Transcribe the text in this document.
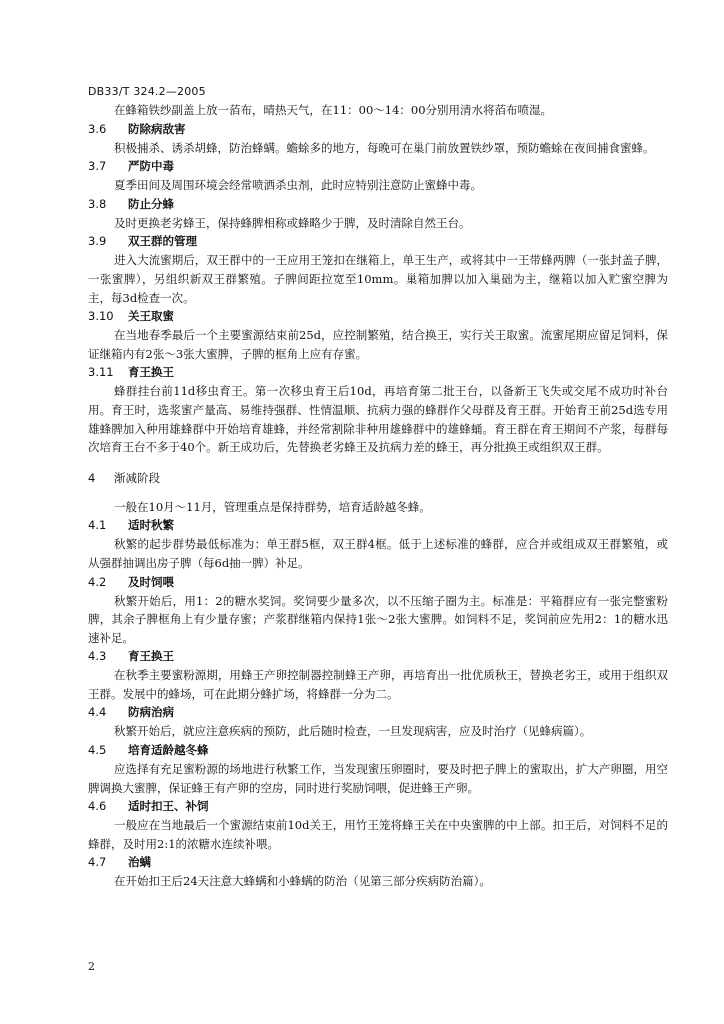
DB33/T 324.2—2005

在蜂箱铁纱副盖上放一萡布，晴热天气，在11：00～14：00分别用清水将萡布喷湿。

3.6 防除病敌害

积极捕杀、诱杀胡蜂，防治蜂螨。蟾蜍多的地方，每晚可在巢门前放置铁纱罩，预防蟾蜍在夜间捕食蜜蜂。

3.7 严防中毒

夏季田间及周围环境会经常喷洒杀虫剂，此时应特别注意防止蜜蜂中毒。

3.8 防止分蜂

及时更换老劣蜂王，保持蜂脾相称或蜂略少于脾，及时清除自然王台。

3.9 双王群的管理

进入大流蜜期后，双王群中的一王应用王笼扣在继箱上，单王生产，或将其中一王带蜂两脾（一张封盖子脾，一张蜜脾），另组织新双王群繁殖。子脾间距拉宽至10mm。巢箱加脾以加入巢础为主，继箱以加入贮蜜空脾为主，每3d检查一次。

3.10 关王取蜜

在当地春季最后一个主要蜜源结束前25d，应控制繁殖，结合换王，实行关王取蜜。流蜜尾期应留足饲料，保证继箱内有2张～3张大蜜脾，子脾的框角上应有存蜜。

3.11 育王换王

蜂群挂台前11d移虫育王。第一次移虫育王后10d，再培育第二批王台，以备新王飞失或交尾不成功时补台用。育王时，选浆蜜产量高、易维持强群、性情温顺、抗病力强的蜂群作父母群及育王群。开始育王前25d选专用雄蜂脾加入种用雄蜂群中开始培育雄蜂，并经常割除非种用雄蜂群中的雄蜂蛹。育王群在育王期间不产浆，每群每次培育王台不多于40个。新王成功后，先替换老劣蜂王及抗病力差的蜂王，再分批换王或组织双王群。

4 渐减阶段

一般在10月～11月，管理重点是保持群势，培育适龄越冬蜂。

4.1 适时秋繁

秋繁的起步群势最低标准为：单王群5框，双王群4框。低于上述标准的蜂群，应合并或组成双王群繁殖，或从强群抽调出房子脾（每6d抽一脾）补足。

4.2 及时饲喂

秋繁开始后，用1：2的糖水奖饲。奖饲要少量多次，以不压缩子圈为主。标准是：平箱群应有一张完整蜜粉脾，其余子脾框角上有少量存蜜；产浆群继箱内保持1张～2张大蜜脾。如饲料不足，奖饲前应先用2：1的糖水迅速补足。

4.3 育王换王

在秋季主要蜜粉源期，用蜂王产卵控制器控制蜂王产卵，再培育出一批优质秋王，替换老劣王，或用于组织双王群。发展中的蜂场，可在此期分蜂扩场，将蜂群一分为二。

4.4 防病治病

秋繁开始后，就应注意疾病的预防，此后随时检查，一旦发现病害，应及时治疗（见蜂病篇）。

4.5 培育适龄越冬蜂

应选择有充足蜜粉源的场地进行秋繁工作，当发现蜜压卵圈时，要及时把子脾上的蜜取出，扩大产卵圈，用空脾调换大蜜脾，保证蜂王有产卵的空房，同时进行奖励饲喂，促进蜂王产卵。

4.6 适时扣王、补饲

一般应在当地最后一个蜜源结束前10d关王，用竹王笼将蜂王关在中央蜜脾的中上部。扣王后，对饲料不足的蜂群，及时用2:1的浓糖水连续补喂。

4.7 治螨

在开始扣王后24天注意大蜂螨和小蜂螨的防治（见第三部分疾病防治篇）。

2
